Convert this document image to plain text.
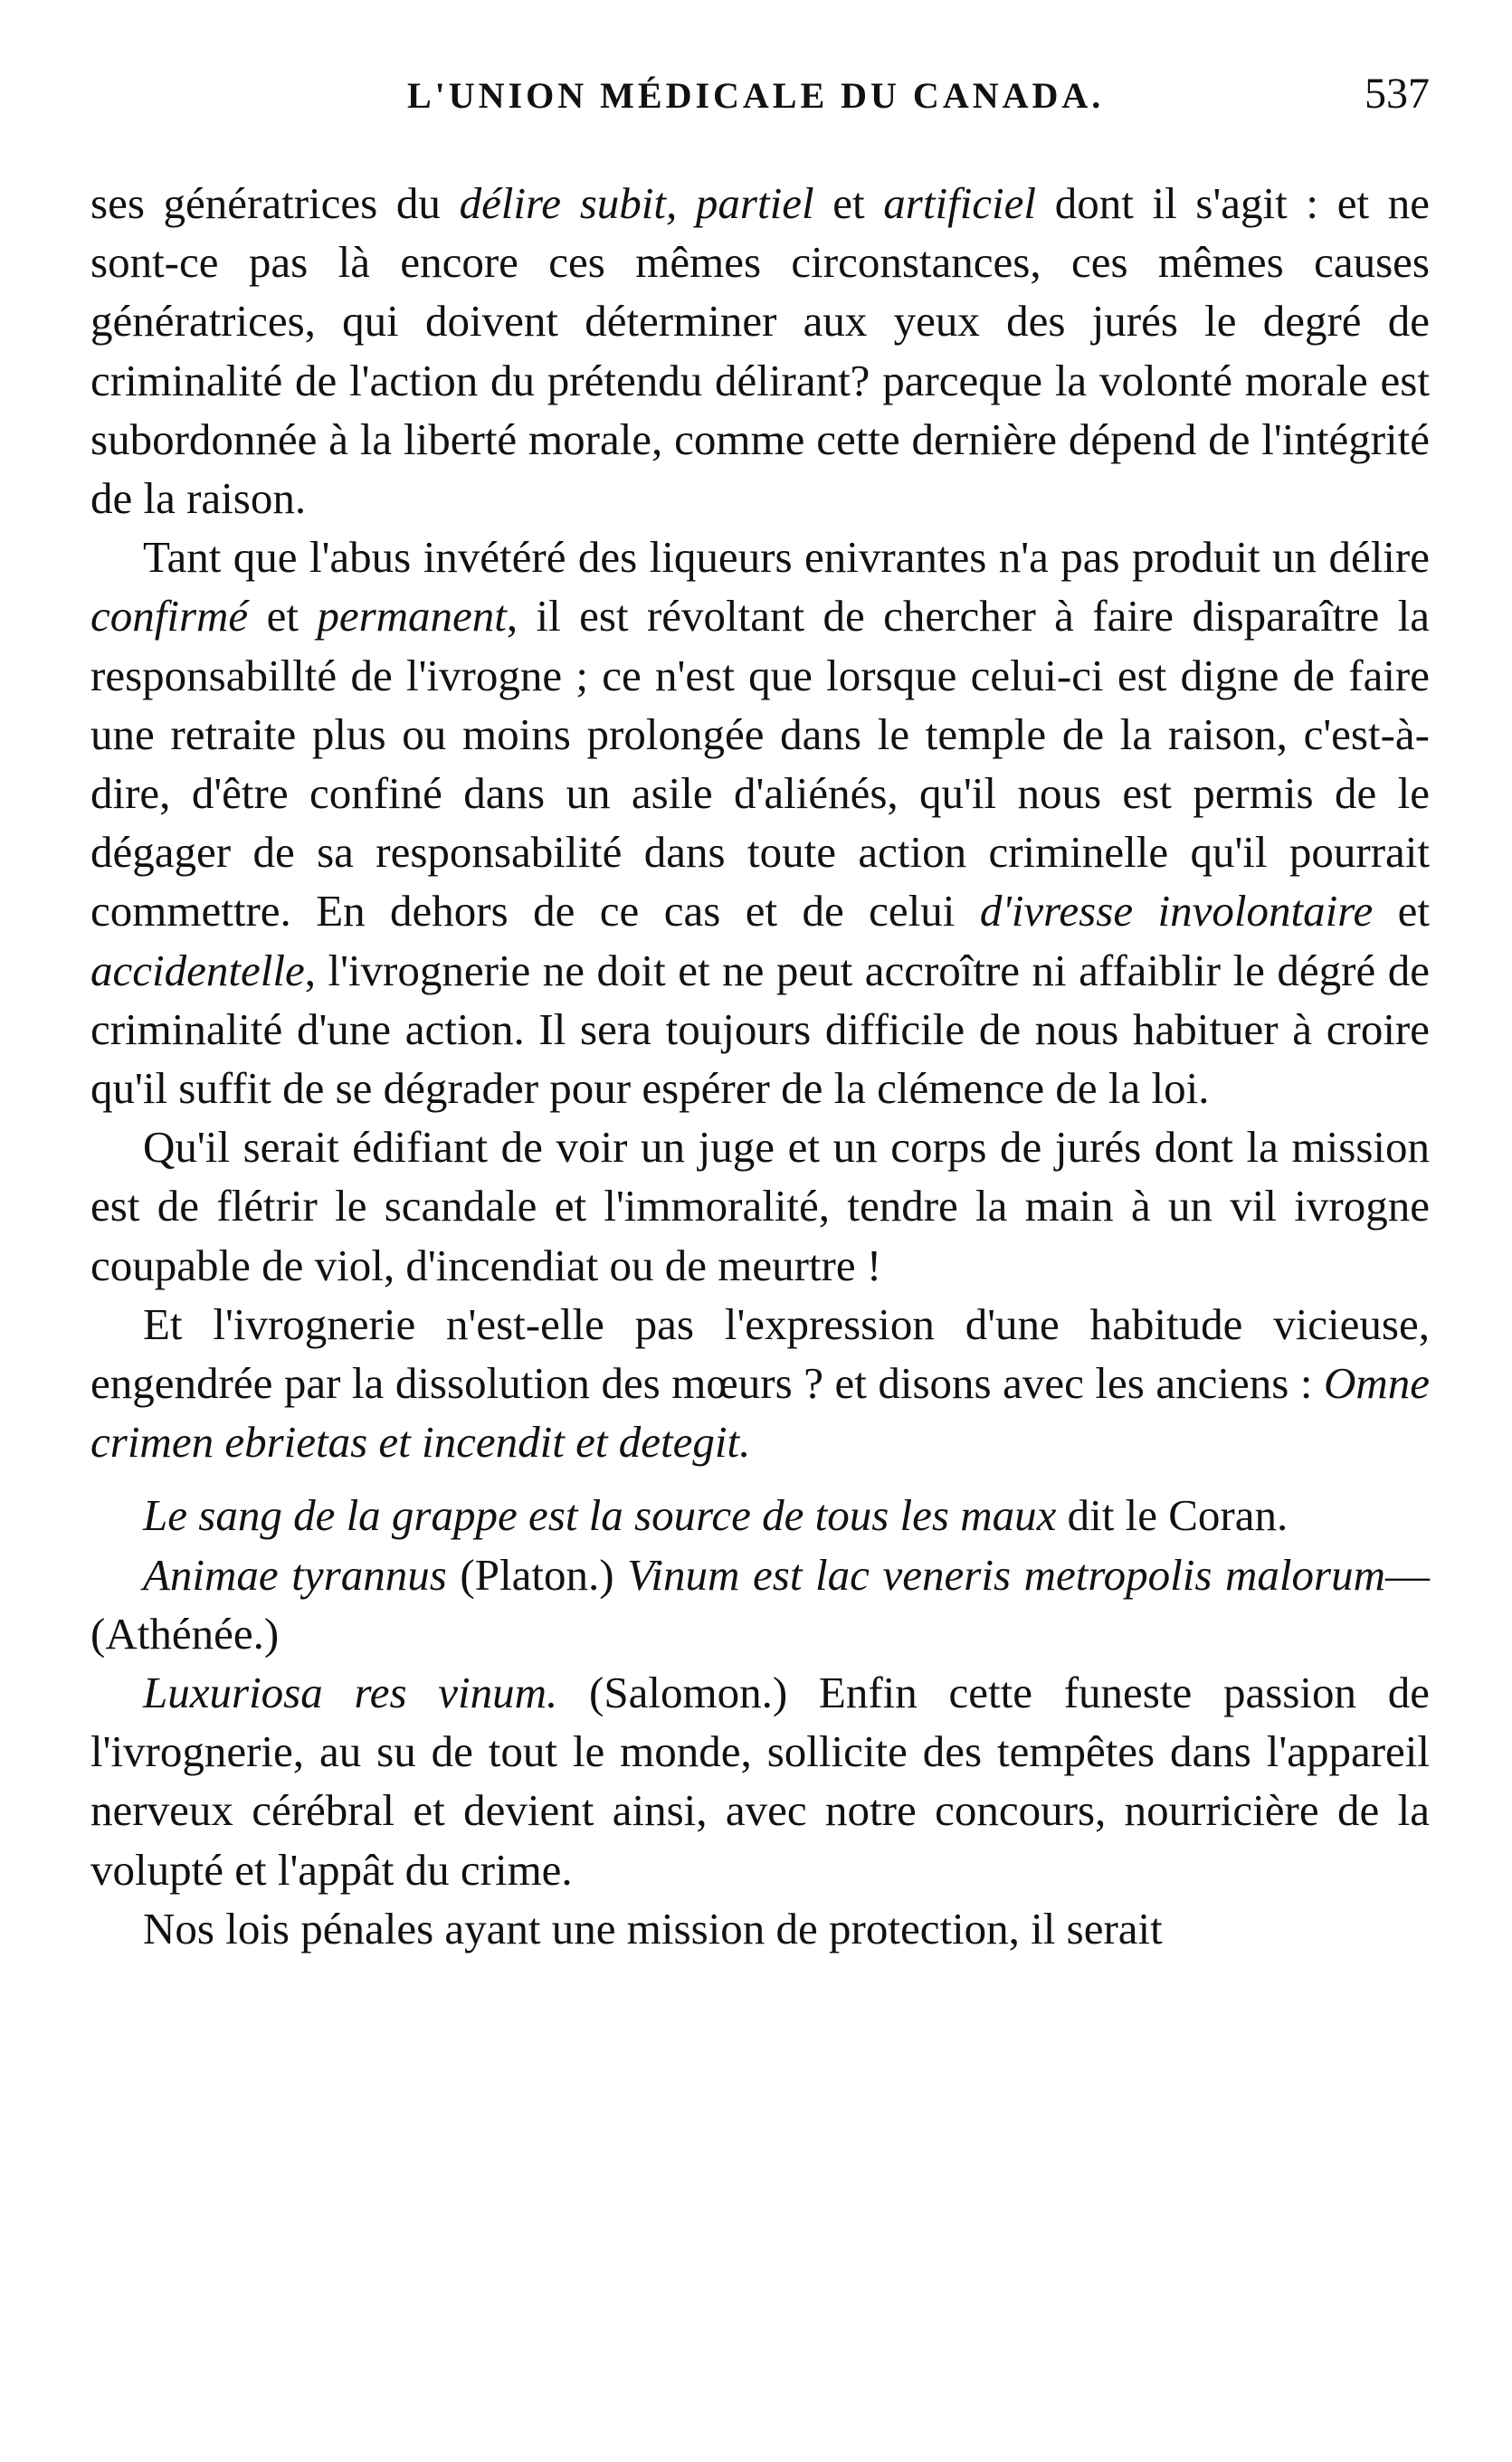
L'UNION MÉDICALE DU CANADA.	537

ses génératrices du délire subit, partiel et artificiel dont il s'agit : et ne sont-ce pas là encore ces mêmes circonstances, ces mêmes causes génératrices, qui doivent déterminer aux yeux des jurés le degré de criminalité de l'action du prétendu délirant? parceque la volonté morale est subordonnée à la liberté morale, comme cette dernière dépend de l'intégrité de la raison.

Tant que l'abus invétéré des liqueurs enivrantes n'a pas produit un délire confirmé et permanent, il est révoltant de chercher à faire disparaître la responsabillté de l'ivrogne ; ce n'est que lorsque celui-ci est digne de faire une retraite plus ou moins prolongée dans le temple de la raison, c'est-à-dire, d'être confiné dans un asile d'aliénés, qu'il nous est permis de le dégager de sa responsabilité dans toute action criminelle qu'il pourrait commettre. En dehors de ce cas et de celui d'ivresse involontaire et accidentelle, l'ivrognerie ne doit et ne peut accroître ni affaiblir le dégré de criminalité d'une action. Il sera toujours difficile de nous habituer à croire qu'il suffit de se dégrader pour espérer de la clémence de la loi.

Qu'il serait édifiant de voir un juge et un corps de jurés dont la mission est de flétrir le scandale et l'immoralité, tendre la main à un vil ivrogne coupable de viol, d'incendiat ou de meurtre !

Et l'ivrognerie n'est-elle pas l'expression d'une habitude vicieuse, engendrée par la dissolution des mœurs ? et disons avec les anciens : Omne crimen ebrietas et incendit et detegit.

Le sang de la grappe est la source de tous les maux dit le Coran.

Animae tyrannus (Platon.) Vinum est lac veneris metropolis malorum—(Athénée.)

Luxuriosa res vinum. (Salomon.) Enfin cette funeste passion de l'ivrognerie, au su de tout le monde, sollicite des tempêtes dans l'appareil nerveux cérébral et devient ainsi, avec notre concours, nourricière de la volupté et l'appât du crime.

Nos lois pénales ayant une mission de protection, il serait
